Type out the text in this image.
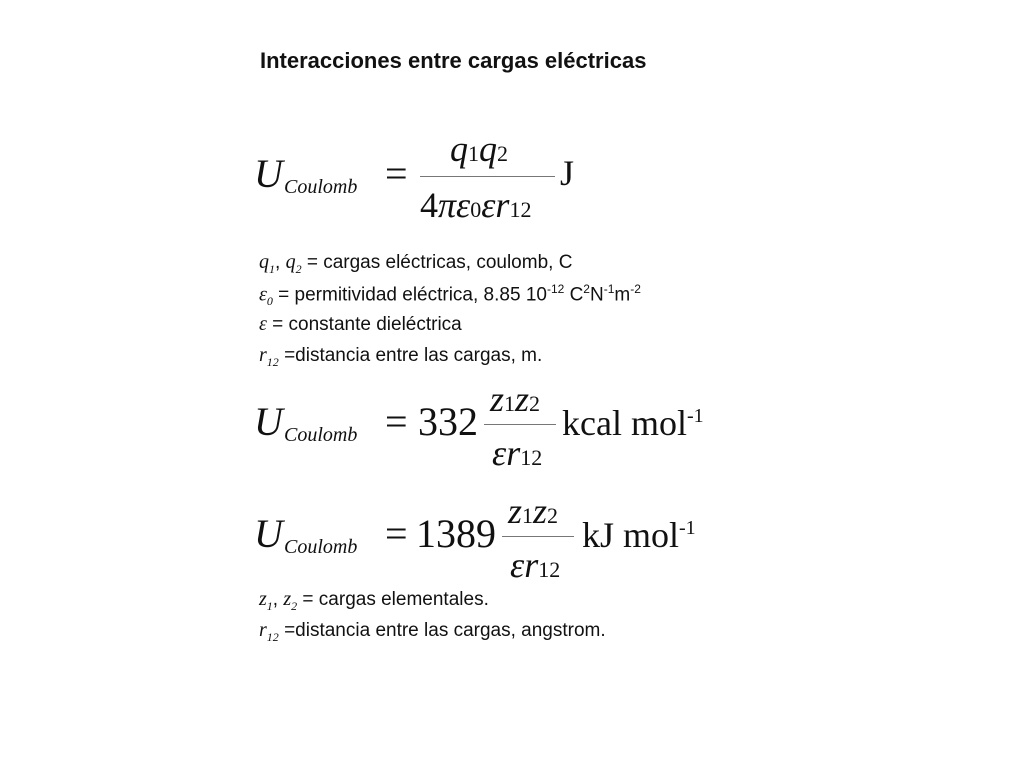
Interacciones entre cargas eléctricas
U Coulomb =
q1q2
4πε0εr12
J
$q_1$, $q_2$ = cargas eléctricas, coulomb, C
$\varepsilon_0$ = permitividad eléctrica, 8.85 $10^{-12}$ $C^2N^{-1}m^{-2}$
ε = constante dieléctrica
$r_{12}$ =distancia entre las cargas, m.
U Coulomb = 332 z1z2
εr12
kcal mol$^{-1}$
U Coulomb = 1389 z1z2
εr12
kJ mol$^{-1}$
$z_1$, $z_2$ = cargas elementales.
$r_{12}$ =distancia entre las cargas, angstrom.
